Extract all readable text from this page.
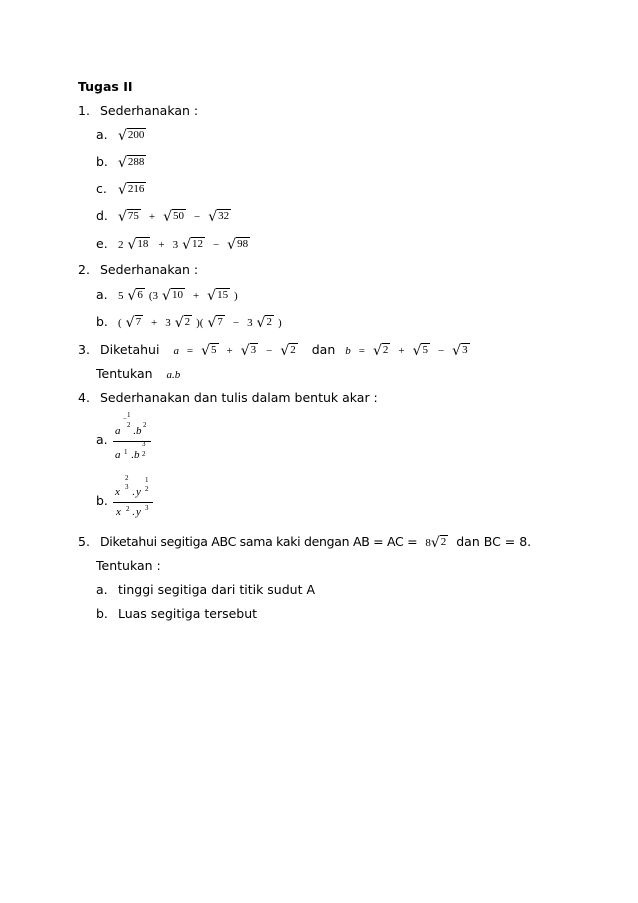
Tugas II
1. Sederhanakan :
a. √ 200
b. √ 288
c. √ 216
d. √ 75 + √ 50 − √ 32
e. 2 √ 18 + 3 √ 12 − √ 98
2. Sederhanakan :
a. 5 √ 6 (3 √ 10 + √ 15 )
b. ( √ 7 + 3 √ 2 )( √ 7 − 3 √ 2 )
3. Diketahui a = √ 5 + √ 3 − √ 2 dan b = √ 2 + √ 5 − √ 3
Tentukan a.b
4. Sederhanakan dan tulis dalam bentuk akar :
a.
a
− 1
2 . b 2
a 1 . b
3
2
b.
x
2
3 . y
1
2
x 2 . y 3
5. Diketahui segitiga ABC sama kaki dengan AB = AC = 8 √ 2 dan BC = 8.
Tentukan :
a. tinggi segitiga dari titik sudut A
b. Luas segitiga tersebut
